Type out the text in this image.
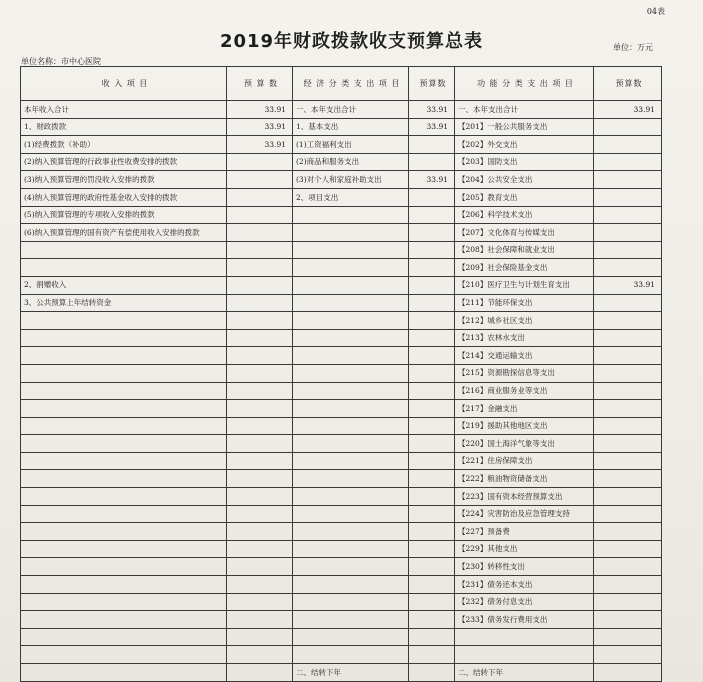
04表
2019年财政拨款收支预算总表
单位名称：市中心医院
单位：万元
收 入 项 目	预 算 数	经 济 分 类 支 出 项 目	预算数	功 能 分 类 支 出 项 目	预算数
本年收入合计	33.91	一、本年支出合计	33.91	一、本年支出合计	33.91
1、财政拨款	33.91	1、基本支出	33.91	【201】一般公共服务支出	
(1)经费拨款（补助）	33.91	(1)工资福利支出		【202】外交支出	
(2)纳入预算管理的行政事业性收费安排的拨款		(2)商品和服务支出		【203】国防支出	
(3)纳入预算管理的罚没收入安排的拨款		(3)对个人和家庭补助支出	33.91	【204】公共安全支出	
(4)纳入预算管理的政府性基金收入安排的拨款		2、项目支出		【205】教育支出	
(5)纳入预算管理的专项收入安排的拨款				【206】科学技术支出	
(6)纳入预算管理的国有资产有偿使用收入安排的拨款				【207】文化体育与传媒支出	
				【208】社会保障和就业支出	
				【209】社会保险基金支出	
2、捐赠收入				【210】医疗卫生与计划生育支出	33.91
3、公共预算上年结转资金				【211】节能环保支出	
				【212】城乡社区支出	
				【213】农林水支出	
				【214】交通运输支出	
				【215】资源勘探信息等支出	
				【216】商业服务业等支出	
				【217】金融支出	
				【219】援助其他地区支出	
				【220】国土海洋气象等支出	
				【221】住房保障支出	
				【222】粮油物资储备支出	
				【223】国有资本经营预算支出	
				【224】灾害防治及应急管理支持	
				【227】预备费	
				【229】其他支出	
				【230】转移性支出	
				【231】债务还本支出	
				【232】债务付息支出	
				【233】债务发行费用支出	

		二、结转下年		二、结转下年	
